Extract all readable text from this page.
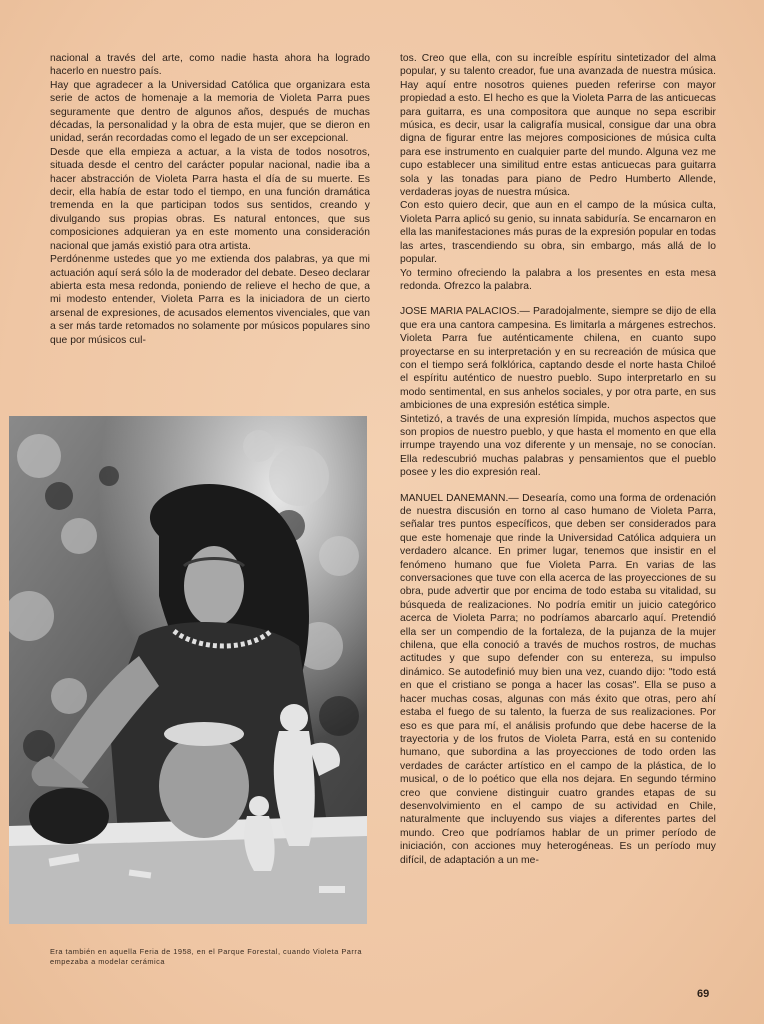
nacional a través del arte, como nadie hasta ahora ha logrado hacerlo en nuestro país.

Hay que agradecer a la Universidad Católica que organizara esta serie de actos de homenaje a la memoria de Violeta Parra pues seguramente que dentro de algunos años, después de muchas décadas, la personalidad y la obra de esta mujer, que se dieron en unidad, serán recordadas como el legado de un ser excepcional.

Desde que ella empieza a actuar, a la vista de todos nosotros, situada desde el centro del carácter popular nacional, nadie iba a hacer abstracción de Violeta Parra hasta el día de su muerte. Es decir, ella había de estar todo el tiempo, en una función dramática tremenda en la que participan todos sus sentidos, creando y divulgando sus propias obras. Es natural entonces, que sus composiciones adquieran ya en este momento una consideración nacional que jamás existió para otra artista.

Perdónenme ustedes que yo me extienda dos palabras, ya que mi actuación aquí será sólo la de moderador del debate. Deseo declarar abierta esta mesa redonda, poniendo de relieve el hecho de que, a mi modesto entender, Violeta Parra es la iniciadora de un cierto arsenal de expresiones, de acusados elementos vivenciales, que van a ser más tarde retomados no solamente por músicos populares sino que por músicos cul-

Era también en aquella Feria de 1958, en el Parque Forestal, cuando Violeta Parra empezaba a modelar cerámica

tos. Creo que ella, con su increíble espíritu sintetizador del alma popular, y su talento creador, fue una avanzada de nuestra música. Hay aquí entre nosotros quienes pueden referirse con mayor propiedad a esto. El hecho es que la Violeta Parra de las anticuecas para guitarra, es una compositora que aunque no sepa escribir música, es decir, usar la caligrafía musical, consigue dar una obra digna de figurar entre las mejores composiciones de música culta para ese instrumento en cualquier parte del mundo. Alguna vez me cupo establecer una similitud entre estas anticuecas para guitarra sola y las tonadas para piano de Pedro Humberto Allende, verdaderas joyas de nuestra música.

Con esto quiero decir, que aun en el campo de la música culta, Violeta Parra aplicó su genio, su innata sabiduría. Se encarnaron en ella las manifestaciones más puras de la expresión popular en todas las artes, trascendiendo su obra, sin embargo, más allá de lo popular.

Yo termino ofreciendo la palabra a los presentes en esta mesa redonda. Ofrezco la palabra.

JOSE MARIA PALACIOS.— Paradojalmente, siempre se dijo de ella que era una cantora campesina. Es limitarla a márgenes estrechos. Violeta Parra fue auténticamente chilena, en cuanto supo proyectarse en su interpretación y en su recreación de música que con el tiempo será folklórica, captando desde el norte hasta Chiloé el espíritu auténtico de nuestro pueblo. Supo interpretarlo en su modo sentimental, en sus anhelos sociales, y por otra parte, en sus ambiciones de una expresión estética simple.

Sintetizó, a través de una expresión límpida, muchos aspectos que son propios de nuestro pueblo, y que hasta el momento en que ella irrumpe trayendo una voz diferente y un mensaje, no se conocían. Ella redescubrió muchas palabras y pensamientos que el pueblo posee y les dio expresión real.

MANUEL DANEMANN.— Desearía, como una forma de ordenación de nuestra discusión en torno al caso humano de Violeta Parra, señalar tres puntos específicos, que deben ser considerados para que este homenaje que rinde la Universidad Católica adquiera un verdadero alcance. En primer lugar, tenemos que insistir en el fenómeno humano que fue Violeta Parra. En varias de las conversaciones que tuve con ella acerca de las proyecciones de su obra, pude advertir que por encima de todo estaba su vitalidad, su búsqueda de realizaciones. No podría emitir un juicio categórico acerca de Violeta Parra; no podríamos abarcarlo aquí. Pretendió ella ser un compendio de la fortaleza, de la pujanza de la mujer chilena, que ella conoció a través de muchos rostros, de muchas actitudes y que supo defender con su entereza, su impulso dinámico. Se autodefinió muy bien una vez, cuando dijo: "todo está en que el cristiano se ponga a hacer las cosas". Ella se puso a hacer muchas cosas, algunas con más éxito que otras, pero ahí estaba el fuego de su talento, la fuerza de sus realizaciones. Por eso es que para mí, el análisis profundo que debe hacerse de la trayectoria y de los frutos de Violeta Parra, está en su contenido humano, que subordina a las proyecciones de todo orden las verdades de carácter artístico en el campo de la plástica, de lo musical, o de lo poético que ella nos dejara. En segundo término creo que conviene distinguir cuatro grandes etapas de su desenvolvimiento en el campo de su actividad en Chile, naturalmente que incluyendo sus viajes a diferentes partes del mundo. Creo que podríamos hablar de un primer período de iniciación, con acciones muy heterogéneas. Es un período muy difícil, de adaptación a un me-

69
